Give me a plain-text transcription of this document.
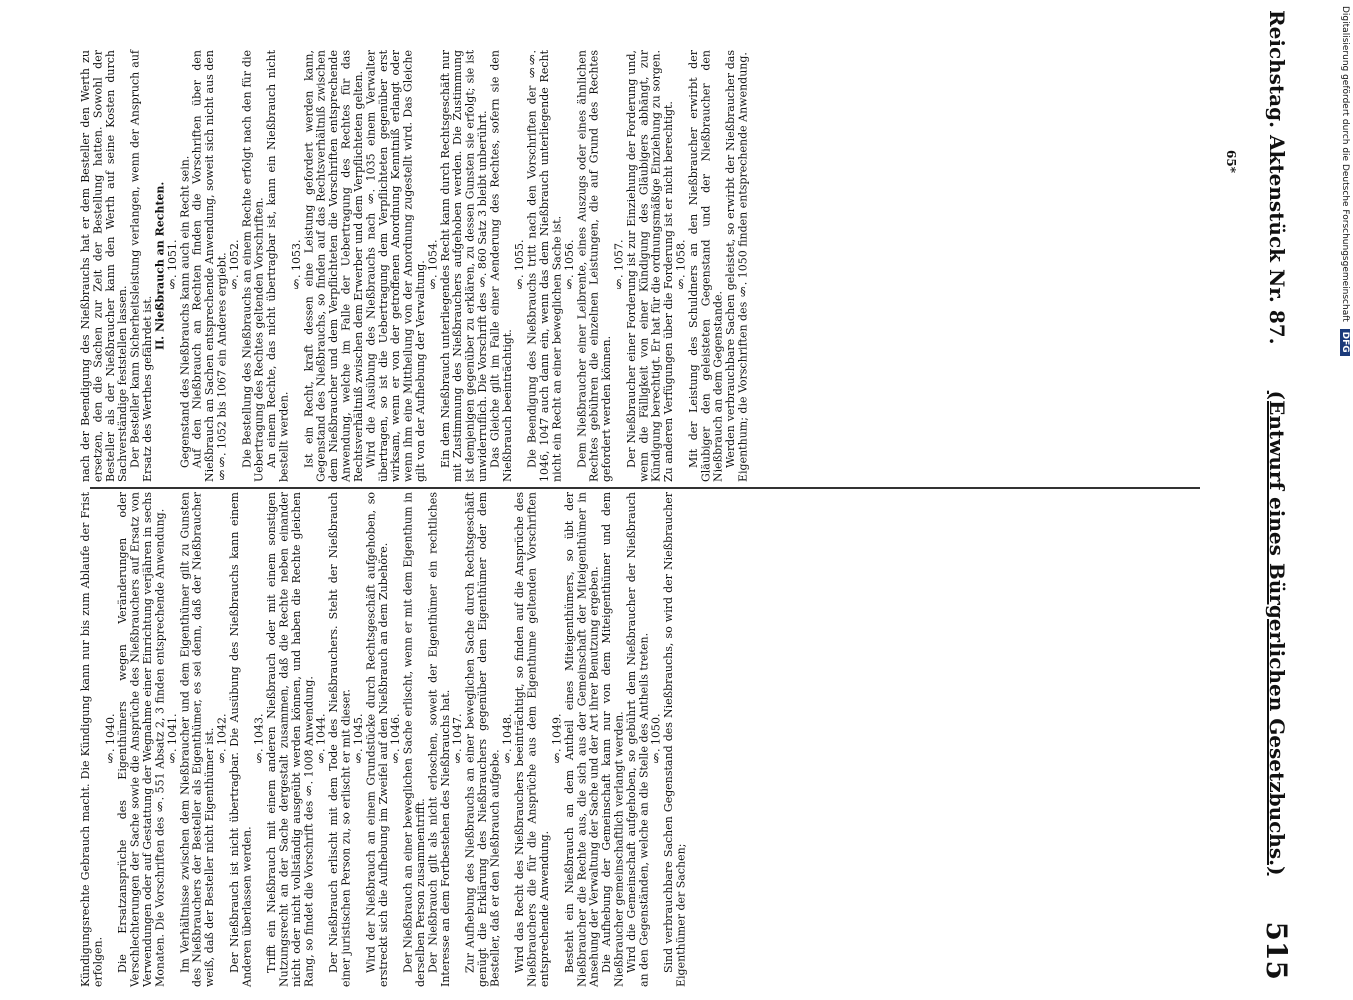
Reichstag. Aktenstück Nr. 87.
(Entwurf eines Bürgerlichen Gesetzbuchs.)
515

Kündigungsrechte Gebrauch macht. Die Kündigung kann nur bis zum Ablaufe der Frist erfolgen.

§. 1040. Die Ersatzansprüche des Eigenthümers wegen Veränderungen oder Verschlechterungen der Sache sowie die Ansprüche des Nießbrauchers auf Ersatz von Verwendungen oder auf Gestattung der Wegnahme einer Einrichtung verjähren in sechs Monaten. Die Vorschriften des §. 551 Absatz 2, 3 finden entsprechende Anwendung. §. 1041. Im Verhältnisse zwischen dem Nießbraucher und dem Eigenthümer gilt zu Gunsten des Nießbrauchers der Besteller als Eigenthümer, es sei denn, daß der Nießbraucher weiß, daß der Besteller nicht Eigenthümer ist. §. 1042. Der Nießbrauch ist nicht übertragbar. Die Ausübung des Nießbrauchs kann einem Anderen überlassen werden.

§. 1043. Trifft ein Nießbrauch mit einem anderen Nießbrauch oder mit einem sonstigen Nutzungsrecht an der Sache dergestalt zusammen, daß die Rechte neben einander nicht oder nicht vollständig ausgeübt werden können, und haben die Rechte gleichen Rang, so findet die Vorschrift des §. 1008 Anwendung. §. 1044. Der Nießbrauch erlischt mit dem Tode des Nießbrauchers. Steht der Nießbrauch einer juristischen Person zu, so erlischt er mit dieser. §. 1045. Wird der Nießbrauch an einem Grundstücke durch Rechtsgeschäft aufgehoben, so erstreckt sich die Aufhebung im Zweifel auf den Nießbrauch an dem Zubehöre. §. 1046. Der Nießbrauch an einer beweglichen Sache erlischt, wenn er mit dem Eigenthum in derselben Person zusammentrifft. Der Nießbrauch gilt als nicht erloschen, soweit der Eigenthümer ein rechtliches Interesse an dem Fortbestehen des Nießbrauchs hat. §. 1047. Zur Aufhebung des Nießbrauchs an einer beweglichen Sache durch Rechtsgeschäft genügt die Erklärung des Nießbrauchers gegenüber dem Eigenthümer oder dem Besteller, daß er den Nießbrauch aufgebe.

§. 1048. Wird das Recht des Nießbrauchers beeinträchtigt, so finden auf die Ansprüche des Nießbrauchers die für die Ansprüche aus dem Eigenthume geltenden Vorschriften entsprechende Anwendung.

§. 1049. Besteht ein Nießbrauch an dem Antheil eines Miteigenthümers, so übt der Nießbraucher die Rechte aus, die sich aus der Gemeinschaft der Miteigenthümer in Ansehung der Verwaltung der Sache und der Art ihrer Benutzung ergeben. Die Aufhebung der Gemeinschaft kann nur von dem Miteigenthümer und dem Nießbraucher gemeinschaftlich verlangt werden. Wird die Gemeinschaft aufgehoben, so gebührt dem Nießbraucher der Nießbrauch an den Gegenständen, welche an die Stelle des Antheils treten. §. 1050. Sind verbrauchbare Sachen Gegenstand des Nießbrauchs, so wird der Nießbraucher Eigenthümer der Sachen;

nach der Beendigung des Nießbrauchs hat er dem Besteller den Werth zu ersetzen, den die Sachen zur Zeit der Bestellung hatten. Sowohl der Besteller als der Nießbraucher kann den Werth auf seine Kosten durch Sachverständige feststellen lassen. Der Besteller kann Sicherheitsleistung verlangen, wenn der Anspruch auf Ersatz des Werthes gefährdet ist.

II. Nießbrauch an Rechten. §. 1051. Gegenstand des Nießbrauchs kann auch ein Recht sein. Auf den Nießbrauch an Rechten finden die Vorschriften über den Nießbrauch an Sachen entsprechende Anwendung, soweit sich nicht aus den §§. 1052 bis 1067 ein Anderes ergiebt. §. 1052. Die Bestellung des Nießbrauchs an einem Rechte erfolgt nach den für die Uebertragung des Rechtes geltenden Vorschriften. An einem Rechte, das nicht übertragbar ist, kann ein Nießbrauch nicht bestellt werden.

§. 1053. Ist ein Recht, kraft dessen eine Leistung gefordert werden kann, Gegenstand des Nießbrauchs, so finden auf das Rechtsverhältniß zwischen dem Nießbraucher und dem Verpflichteten die Vorschriften entsprechende Anwendung, welche im Falle der Uebertragung des Rechtes für das Rechtsverhältniß zwischen dem Erwerber und dem Verpflichteten gelten. Wird die Ausübung des Nießbrauchs nach §. 1035 einem Verwalter übertragen, so ist die Uebertragung dem Verpflichteten gegenüber erst wirksam, wenn er von der getroffenen Anordnung Kenntniß erlangt oder wenn ihm eine Mittheilung von der Anordnung zugestellt wird. Das Gleiche gilt von der Aufhebung der Verwaltung. §. 1054. Ein dem Nießbrauch unterliegendes Recht kann durch Rechtsgeschäft nur mit Zustimmung des Nießbrauchers aufgehoben werden. Die Zustimmung ist demjenigen gegenüber zu erklären, zu dessen Gunsten sie erfolgt; sie ist unwiderruflich. Die Vorschrift des §. 860 Satz 3 bleibt unberührt. Das Gleiche gilt im Falle einer Aenderung des Rechtes, sofern sie den Nießbrauch beeinträchtigt.

§. 1055. Die Beendigung des Nießbrauchs tritt nach den Vorschriften der §§. 1046, 1047 auch dann ein, wenn das dem Nießbrauch unterliegende Recht nicht ein Recht an einer beweglichen Sache ist. §. 1056. Dem Nießbraucher einer Leibrente, eines Auszugs oder eines ähnlichen Rechtes gebühren die einzelnen Leistungen, die auf Grund des Rechtes gefordert werden können.

§. 1057. Der Nießbraucher einer Forderung ist zur Einziehung der Forderung und, wenn die Fälligkeit von einer Kündigung des Gläubigers abhängt, zur Kündigung berechtigt. Er hat für die ordnungsmäßige Einziehung zu sorgen. Zu anderen Verfügungen über die Forderung ist er nicht berechtigt. §. 1058. Mit der Leistung des Schuldners an den Nießbraucher erwirbt der Gläubiger den geleisteten Gegenstand und der Nießbraucher den Nießbrauch an dem Gegenstande. Werden verbrauchbare Sachen geleistet, so erwirbt der Nießbraucher das Eigenthum; die Vorschriften des §. 1050 finden entsprechende Anwendung.	65*	Digitalisierung gefördert durch die Deutsche Forschungsgemeinschaft DFG
